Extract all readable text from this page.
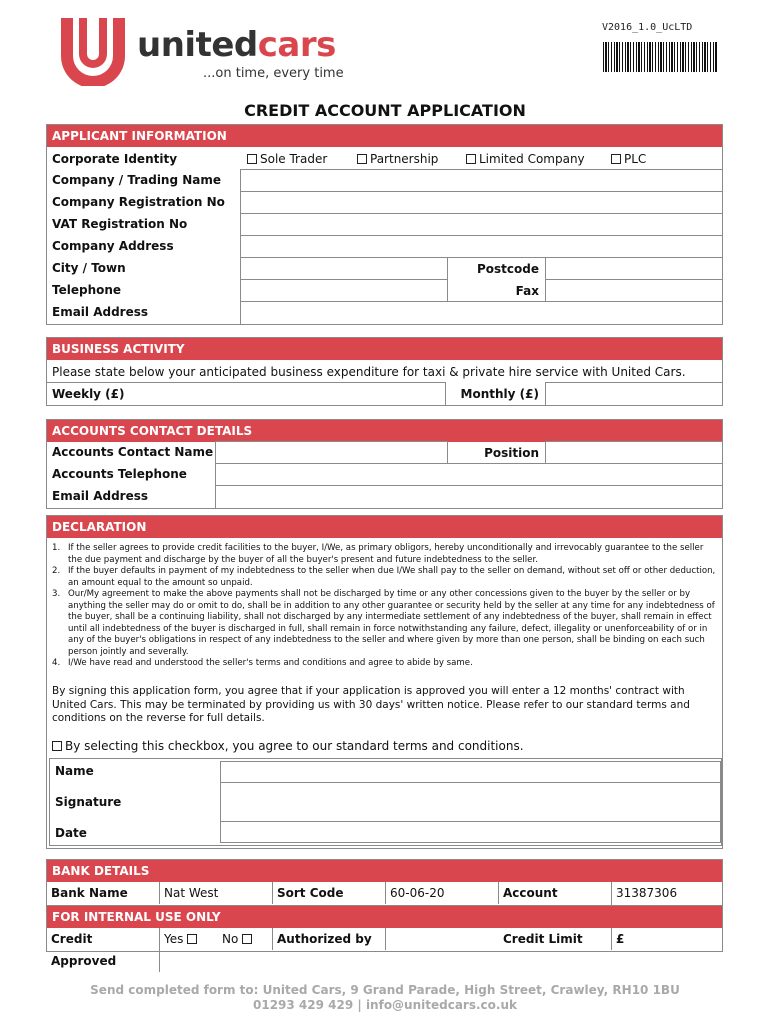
unitedcars
...on time, every time
V2016_1.0_UcLTD
CREDIT ACCOUNT APPLICATION
APPLICANT INFORMATION
Corporate Identity	Sole Trader	Partnership	Limited Company	PLC
Company / Trading Name
Company Registration No
VAT Registration No
Company Address
City / Town	Postcode
Telephone	Fax
Email Address
BUSINESS ACTIVITY
Please state below your anticipated business expenditure for taxi & private hire service with United Cars.
Weekly (£)	Monthly (£)
ACCOUNTS CONTACT DETAILS
Accounts Contact Name	Position
Accounts Telephone
Email Address
DECLARATION
1. If the seller agrees to provide credit facilities to the buyer, I/We, as primary obligors, hereby unconditionally and irrevocably guarantee to the seller the due payment and discharge by the buyer of all the buyer's present and future indebtedness to the seller.
2. If the buyer defaults in payment of my indebtedness to the seller when due I/We shall pay to the seller on demand, without set off or other deduction, an amount equal to the amount so unpaid.
3. Our/My agreement to make the above payments shall not be discharged by time or any other concessions given to the buyer by the seller or by anything the seller may do or omit to do, shall be in addition to any other guarantee or security held by the seller at any time for any indebtedness of the buyer, shall be a continuing liability, shall not discharged by any intermediate settlement of any indebtedness of the buyer, shall remain in effect until all indebtedness of the buyer is discharged in full, shall remain in force notwithstanding any failure, defect, illegality or unenforceability of or in any of the buyer's obligations in respect of any indebtedness to the seller and where given by more than one person, shall be binding on each such person jointly and severally.
4. I/We have read and understood the seller's terms and conditions and agree to abide by same.
By signing this application form, you agree that if your application is approved you will enter a 12 months' contract with United Cars. This may be terminated by providing us with 30 days' written notice. Please refer to our standard terms and conditions on the reverse for full details.
By selecting this checkbox, you agree to our standard terms and conditions.
Name
Signature
Date
BANK DETAILS
Bank Name	Nat West	Sort Code	60-06-20	Account	31387306
FOR INTERNAL USE ONLY
Credit Approved
Yes	No	Authorized by	Credit Limit	£
Send completed form to: United Cars, 9 Grand Parade, High Street, Crawley, RH10 1BU
01293 429 429 | info@unitedcars.co.uk
